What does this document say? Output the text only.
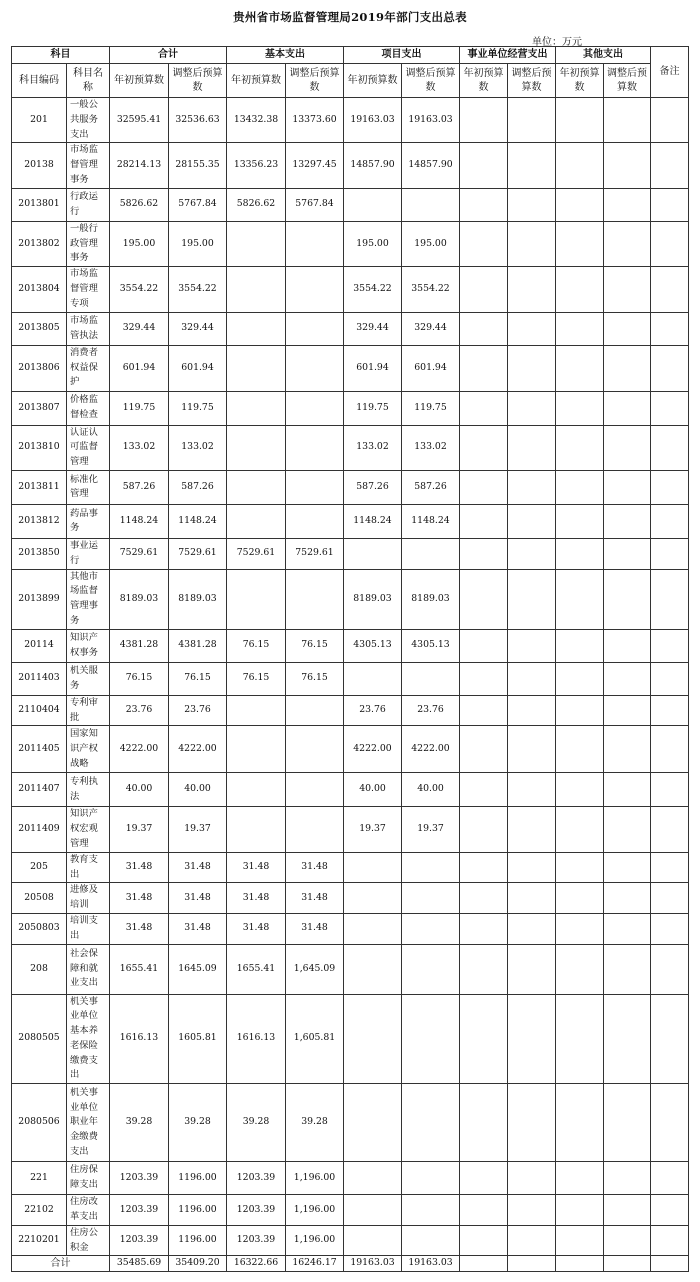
贵州省市场监督管理局2019年部门支出总表
单位：万元
科目		合计		基本支出		项目支出		事业单位经营支出		其他支出		备注
科目编码	科目名称	年初预算数	调整后预算数	年初预算数	调整后预算数	年初预算数	调整后预算数	年初预算数	调整后预算数	年初预算数	调整后预算数	
201	一般公共服务支出	32595.41	32536.63	13432.38	13373.60	19163.03	19163.03					
20138	市场监督管理事务	28214.13	28155.35	13356.23	13297.45	14857.90	14857.90					
2013801	行政运行	5826.62	5767.84	5826.62	5767.84							
2013802	一般行政管理事务	195.00	195.00			195.00	195.00					
2013804	市场监督管理专项	3554.22	3554.22			3554.22	3554.22					
2013805	市场监管执法	329.44	329.44			329.44	329.44					
2013806	消费者权益保护	601.94	601.94			601.94	601.94					
2013807	价格监督检查	119.75	119.75			119.75	119.75					
2013810	认证认可监督管理	133.02	133.02			133.02	133.02					
2013811	标准化管理	587.26	587.26			587.26	587.26					
2013812	药品事务	1148.24	1148.24			1148.24	1148.24					
2013850	事业运行	7529.61	7529.61	7529.61	7529.61							
2013899	其他市场监督管理事务	8189.03	8189.03			8189.03	8189.03					
20114	知识产权事务	4381.28	4381.28	76.15	76.15	4305.13	4305.13					
2011403	机关服务	76.15	76.15	76.15	76.15							
2110404	专利审批	23.76	23.76			23.76	23.76					
2011405	国家知识产权战略	4222.00	4222.00			4222.00	4222.00					
2011407	专利执法	40.00	40.00			40.00	40.00					
2011409	知识产权宏观管理	19.37	19.37			19.37	19.37					
205	教育支出	31.48	31.48	31.48	31.48							
20508	进修及培训	31.48	31.48	31.48	31.48							
2050803	培训支出	31.48	31.48	31.48	31.48							
208	社会保障和就业支出	1655.41	1645.09	1655.41	1,645.09							
2080505	机关事业单位基本养老保险缴费支出	1616.13	1605.81	1616.13	1,605.81							
2080506	机关事业单位职业年金缴费支出	39.28	39.28	39.28	39.28							
221	住房保障支出	1203.39	1196.00	1203.39	1,196.00							
22102	住房改革支出	1203.39	1196.00	1203.39	1,196.00							
2210201	住房公积金	1203.39	1196.00	1203.39	1,196.00							
合计		35485.69	35409.20	16322.66	16246.17	19163.03	19163.03					
